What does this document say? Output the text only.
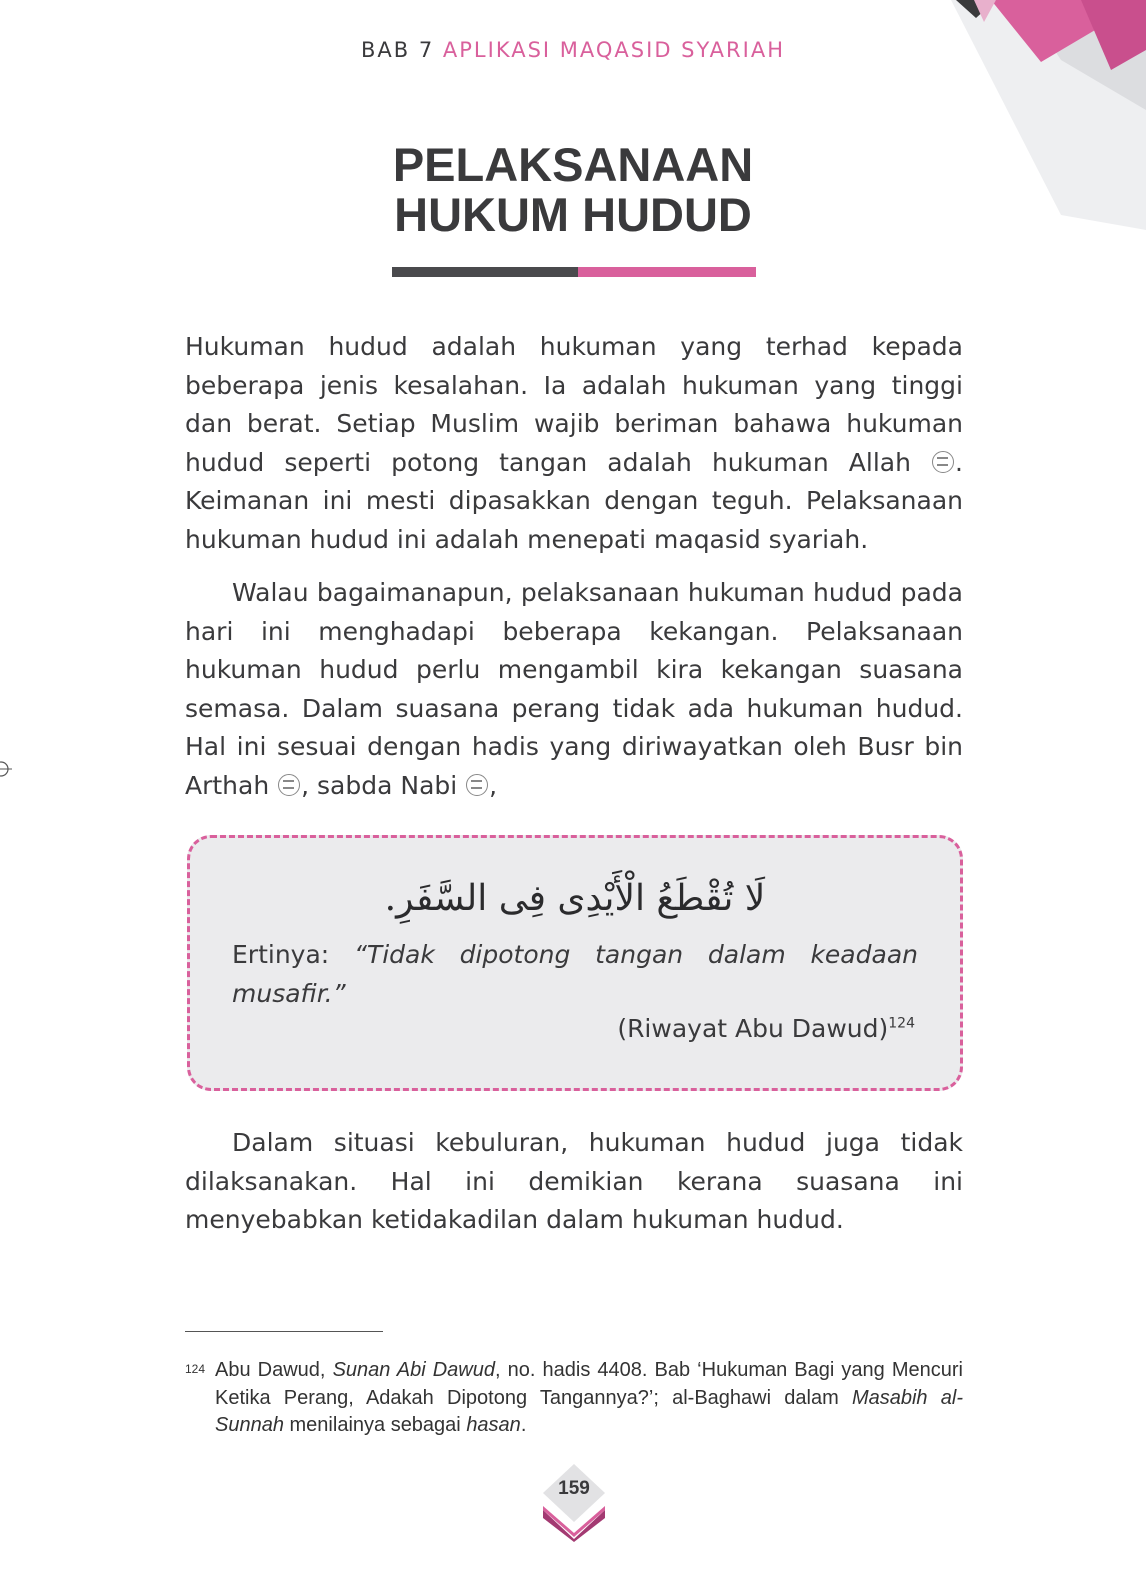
BAB 7 APLIKASI MAQASID SYARIAH
PELAKSANAAN
HUKUM HUDUD

Hukuman hudud adalah hukuman yang terhad kepada beberapa jenis kesalahan. Ia adalah hukuman yang tinggi dan berat. Setiap Muslim wajib beriman bahawa hukuman hudud seperti potong tangan adalah hukuman Allah . Keimanan ini mesti dipasakkan dengan teguh. Pelaksanaan hukuman hudud ini adalah menepati maqasid syariah.

Walau bagaimanapun, pelaksanaan hukuman hudud pada hari ini menghadapi beberapa kekangan. Pelaksanaan hukuman hudud perlu mengambil kira kekangan suasana semasa. Dalam suasana perang tidak ada hukuman hudud. Hal ini sesuai dengan hadis yang diriwayatkan oleh Busr bin Arthah , sabda Nabi ,

لَا تُقْطَعُ الْأَيْدِى فِى السَّفَرِ.

Ertinya: “Tidak dipotong tangan dalam keadaan musafir.”

(Riwayat Abu Dawud)$^{124}$

Dalam situasi kebuluran, hukuman hudud juga tidak dilaksanakan. Hal ini demikian kerana suasana ini menyebabkan ketidakadilan dalam hukuman hudud.

124 Abu Dawud, Sunan Abi Dawud, no. hadis 4408. Bab ‘Hukuman Bagi yang Mencuri Ketika Perang, Adakah Dipotong Tangannya?’; al-Baghawi dalam Masabih al-Sunnah menilainya sebagai hasan.
159
